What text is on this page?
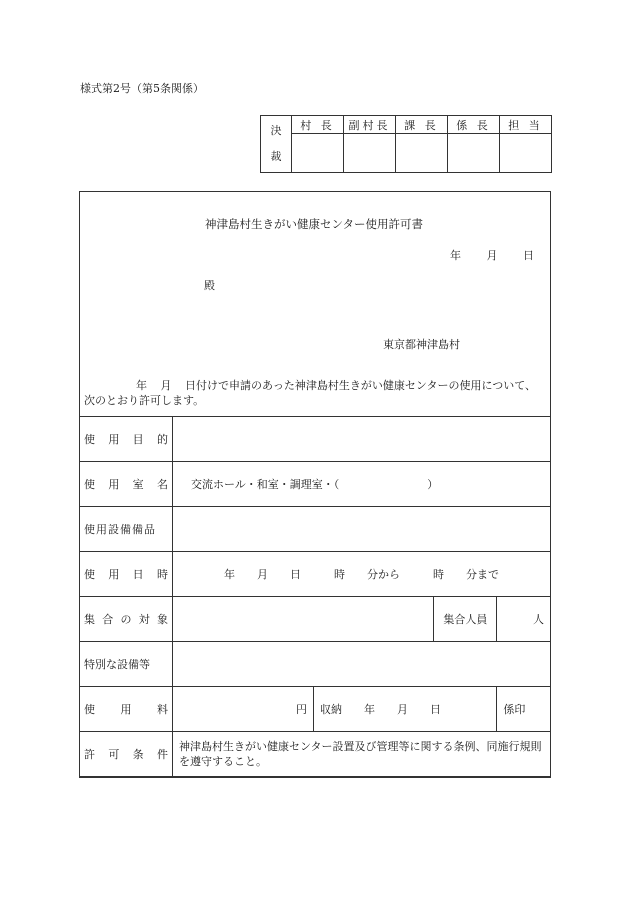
様式第2号（第5条関係）
決
裁	村 長	副村長	課 長	係 長	担 当

神津島村生きがい健康センター使用許可書
年 月 日
殿
東京都神津島村
年 月 日付けで申請のあった神津島村生きがい健康センターの使用について、次のとおり許可します。
使 用 目 的				

使 用 室 名	交流ホール・和室・調理室・（　　　　　　　　）			
使用設備備品				

使 用 日 時	年　　月　　日　　　時　　分から　　　時　　分まで			

集 合 の 対 象			集合人員	人
特別な設備等				

使 用 料	円	収納　　年　　月　　日		係印

許 可 条 件	神津島村生きがい健康センター設置及び管理等に関する条例、同施行規則を遵守すること。			
